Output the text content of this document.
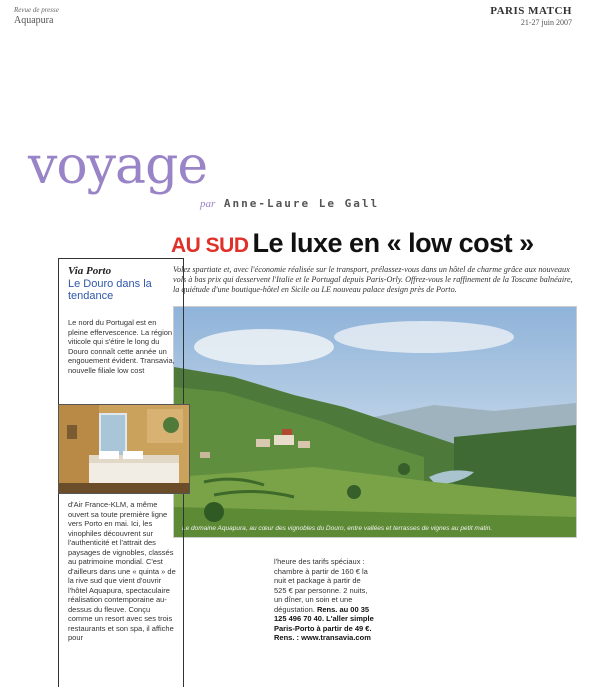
Revue de presse
Aquapura
PARIS MATCH
21-27 juin 2007
voyage
par Anne-Laure Le Gall
AU SUD Le luxe en « low cost »
Volez spartiate et, avec l'économie réalisée sur le transport, prélassez-vous dans un hôtel de charme grâce aux nouveaux vols à bas prix qui desservent l'Italie et le Portugal depuis Paris-Orly. Offrez-vous le raffinement de la Toscane balnéaire, la quiétude d'une boutique-hôtel en Sicile ou LE nouveau palace design près de Porto.
Le domaine Aquapura, au cœur des vignobles du Douro, entre vallées et terrasses de vignes au petit matin.
Via Porto
Le Douro dans la tendance
Le nord du Portugal est en pleine effervescence. La région viticole qui s'étire le long du Douro connaît cette année un engouement évident. Transavia, nouvelle filiale low cost
d'Air France-KLM, a même ouvert sa toute première ligne vers Porto en mai. Ici, les vinophiles découvrent sur l'authenticité et l'attrait des paysages de vignobles, classés au patrimoine mondial. C'est d'ailleurs dans une « quinta » de la rive sud que vient d'ouvrir l'hôtel Aquapura, spectaculaire réalisation contemporaine au-dessus du fleuve. Conçu comme un resort avec ses trois restaurants et son spa, il affiche pour
l'heure des tarifs spéciaux : chambre à partir de 160 € la nuit et package à partir de 525 € par personne. 2 nuits, un dîner, un soin et une dégustation. Rens. au 00 35 125 496 70 40. L'aller simple Paris-Porto à partir de 49 €. Rens. : www.transavia.com
